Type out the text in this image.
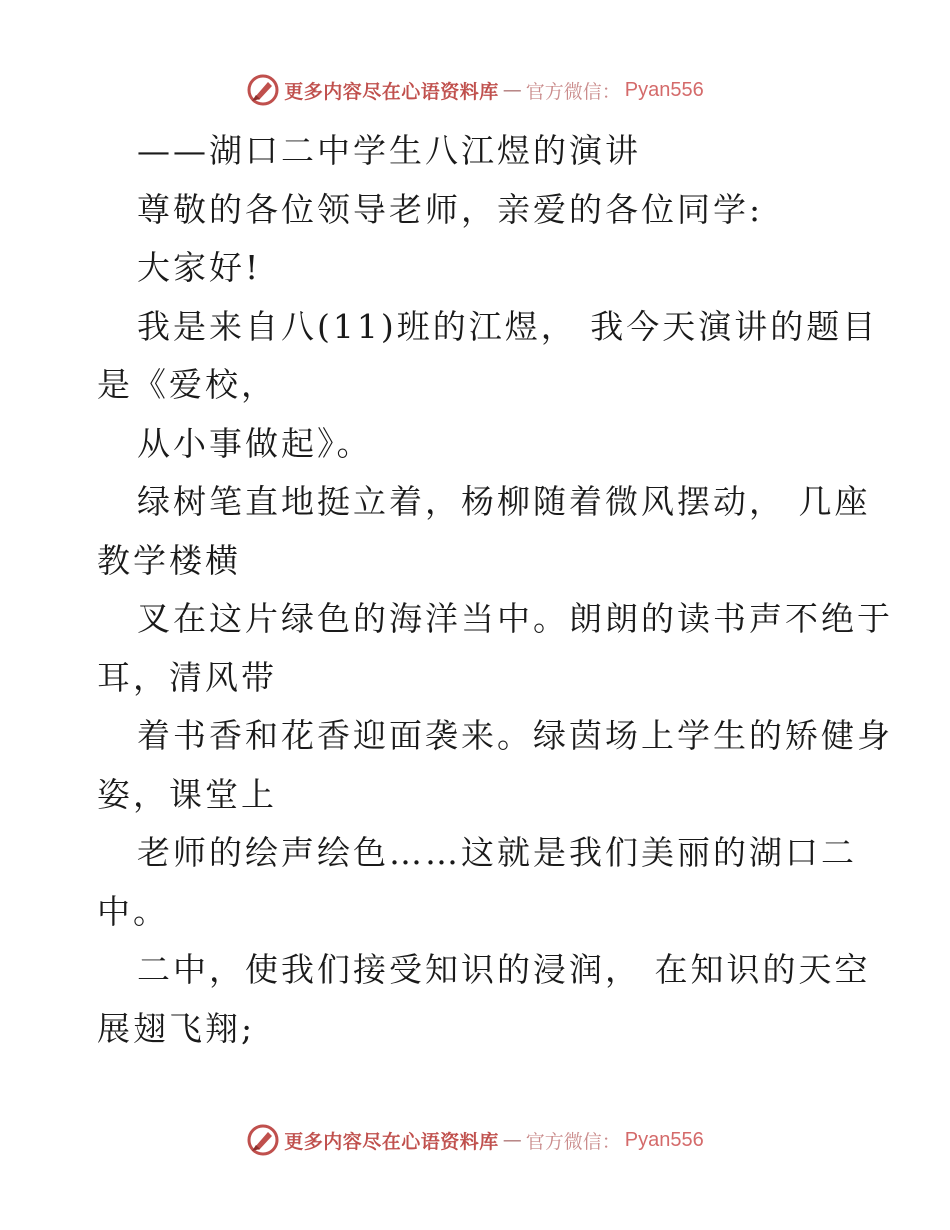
更多内容尽在心语资料库 — 官方微信： Pyan556
——湖口二中学生八江煜的演讲
尊敬的各位领导老师，亲爱的各位同学:
大家好!
我是来自八(11)班的江煜， 我今天演讲的题目
是《爱校，
从小事做起》。
绿树笔直地挺立着，杨柳随着微风摆动， 几座
教学楼横
叉在这片绿色的海洋当中。朗朗的读书声不绝于
耳，清风带
着书香和花香迎面袭来。绿茵场上学生的矫健身
姿，课堂上
老师的绘声绘色……这就是我们美丽的湖口二
中。
二中，使我们接受知识的浸润， 在知识的天空
展翅飞翔;
更多内容尽在心语资料库 — 官方微信： Pyan556
